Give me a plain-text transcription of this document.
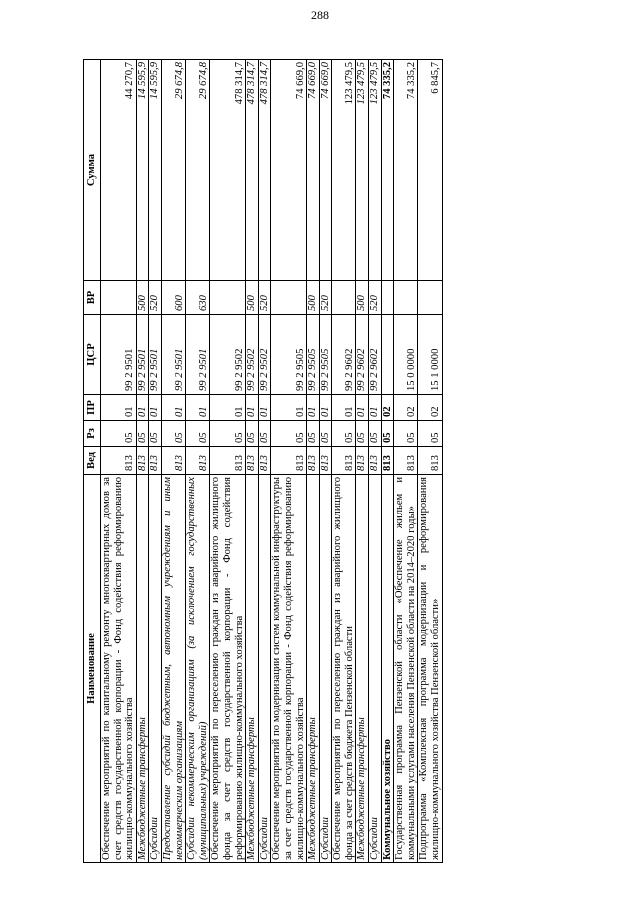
288
Наименование	Вед	Рз	ПР	ЦСР	ВР	Сумма
Обеспечение мероприятий по капитальному ремонту многоквартирных домов за счет средств государственной корпорации - Фонд содействия реформированию жилищно-коммунального хозяйства	813	05	01	99 2 9501		44 270,7
Межбюджетные трансферты	813	05	01	99 2 9501	500	14 595,9
Субсидии	813	05	01	99 2 9501	520	14 595,9
Предоставление субсидий бюджетным, автономным учреждениям и иным некоммерческим организациям	813	05	01	99 2 9501	600	29 674,8
Субсидии некоммерческим организациям (за исключением государственных (муниципальных) учреждений)	813	05	01	99 2 9501	630	29 674,8
Обеспечение мероприятий по переселению граждан из аварийного жилищного фонда за счет средств государственной корпорации - Фонд содействия реформированию жилищно-коммунального хозяйства	813	05	01	99 2 9502		478 314,7
Межбюджетные трансферты	813	05	01	99 2 9502	500	478 314,7
Субсидии	813	05	01	99 2 9502	520	478 314,7
Обеспечение мероприятий по модернизации систем коммунальной инфраструктуры за счет средств государственной корпорации - Фонд содействия реформированию жилищно-коммунального хозяйства	813	05	01	99 2 9505		74 669,0
Межбюджетные трансферты	813	05	01	99 2 9505	500	74 669,0
Субсидии	813	05	01	99 2 9505	520	74 669,0
Обеспечение мероприятий по переселению граждан из аварийного жилищного фонда за счет средств бюджета Пензенской области	813	05	01	99 2 9602		123 479,5
Межбюджетные трансферты	813	05	01	99 2 9602	500	123 479,5
Субсидии	813	05	01	99 2 9602	520	123 479,5
Коммунальное хозяйство	813	05	02			74 335,2
Государственная программа Пензенской области «Обеспечение жильем и коммунальными услугами населения Пензенской области на 2014–2020 годы»	813	05	02	15 0 0000		74 335,2
Подпрограмма «Комплексная программа модернизации и реформирования жилищно-коммунального хозяйства Пензенской области»	813	05	02	15 1 0000		6 845,7
